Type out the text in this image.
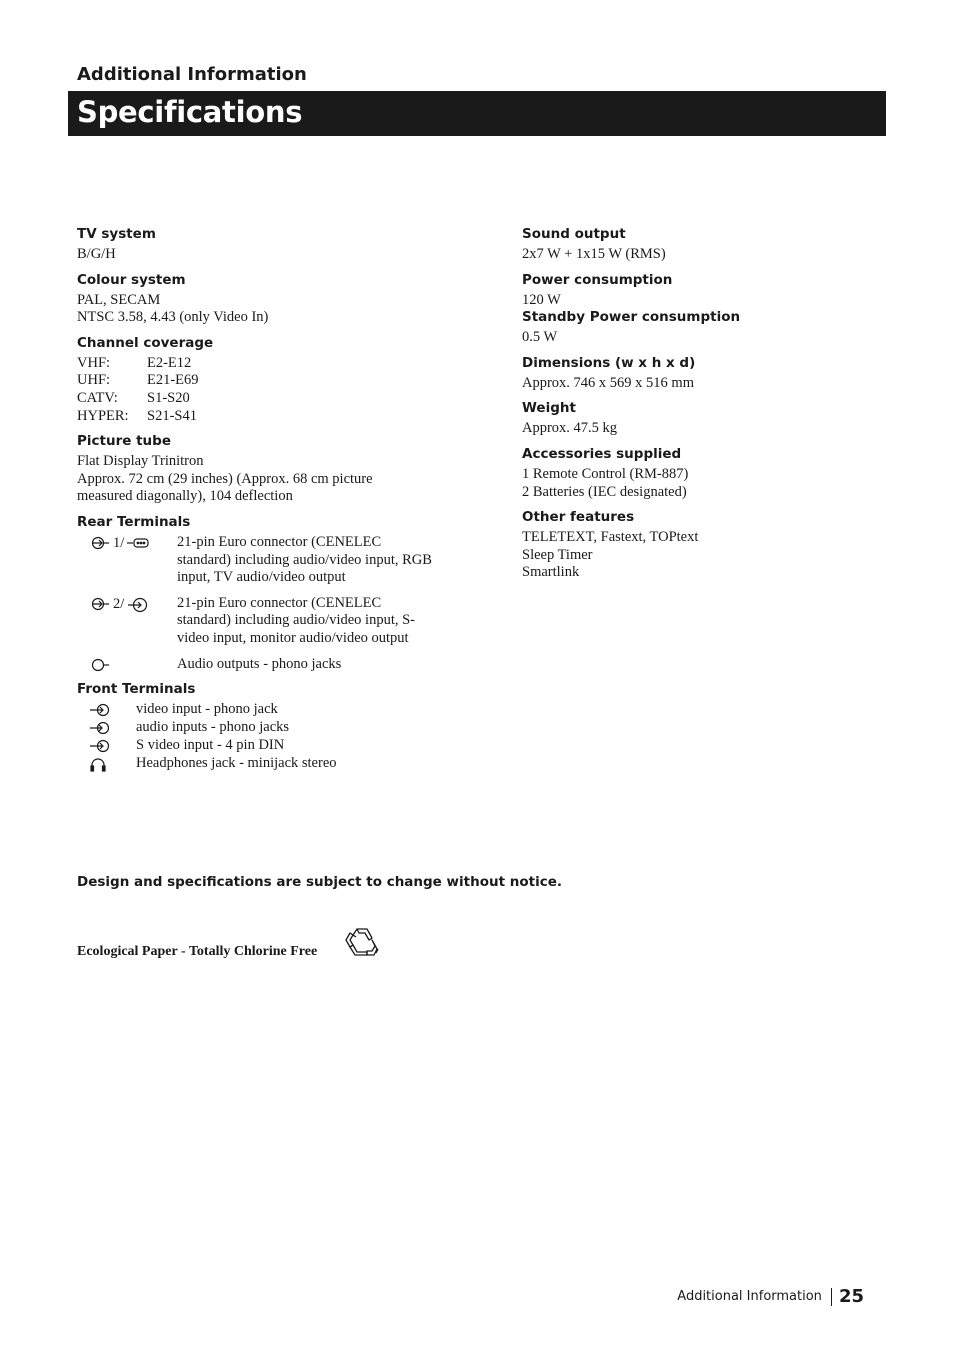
Additional Information
Specifications
TV system
B/G/H
Colour system
PAL, SECAM
NTSC 3.58, 4.43 (only Video In)
Channel coverage
VHF:	E2-E12
UHF:	E21-E69
CATV:	S1-S20
HYPER:	S21-S41
Picture tube
Flat Display Trinitron
Approx. 72 cm (29 inches) (Approx. 68 cm picture
measured diagonally), 104 deflection
Rear Terminals
1/	21-pin Euro connector (CENELEC standard) including audio/video input, RGB input, TV audio/video output
2/	21-pin Euro connector (CENELEC standard) including audio/video input, S-video input, monitor audio/video output
Audio outputs - phono jacks
Front Terminals
video input - phono jack
audio inputs - phono jacks
S video input - 4 pin DIN
Headphones jack - minijack stereo
Sound output
2x7 W + 1x15 W (RMS)
Power consumption
120 W
Standby Power consumption
0.5 W
Dimensions (w x h x d)
Approx. 746 x 569 x 516 mm
Weight
Approx. 47.5 kg
Accessories supplied
1 Remote Control (RM-887)
2 Batteries (IEC designated)
Other features
TELETEXT, Fastext, TOPtext
Sleep Timer
Smartlink

Design and specifications are subject to change without notice.

Ecological Paper - Totally Chlorine Free
Additional Information 25
